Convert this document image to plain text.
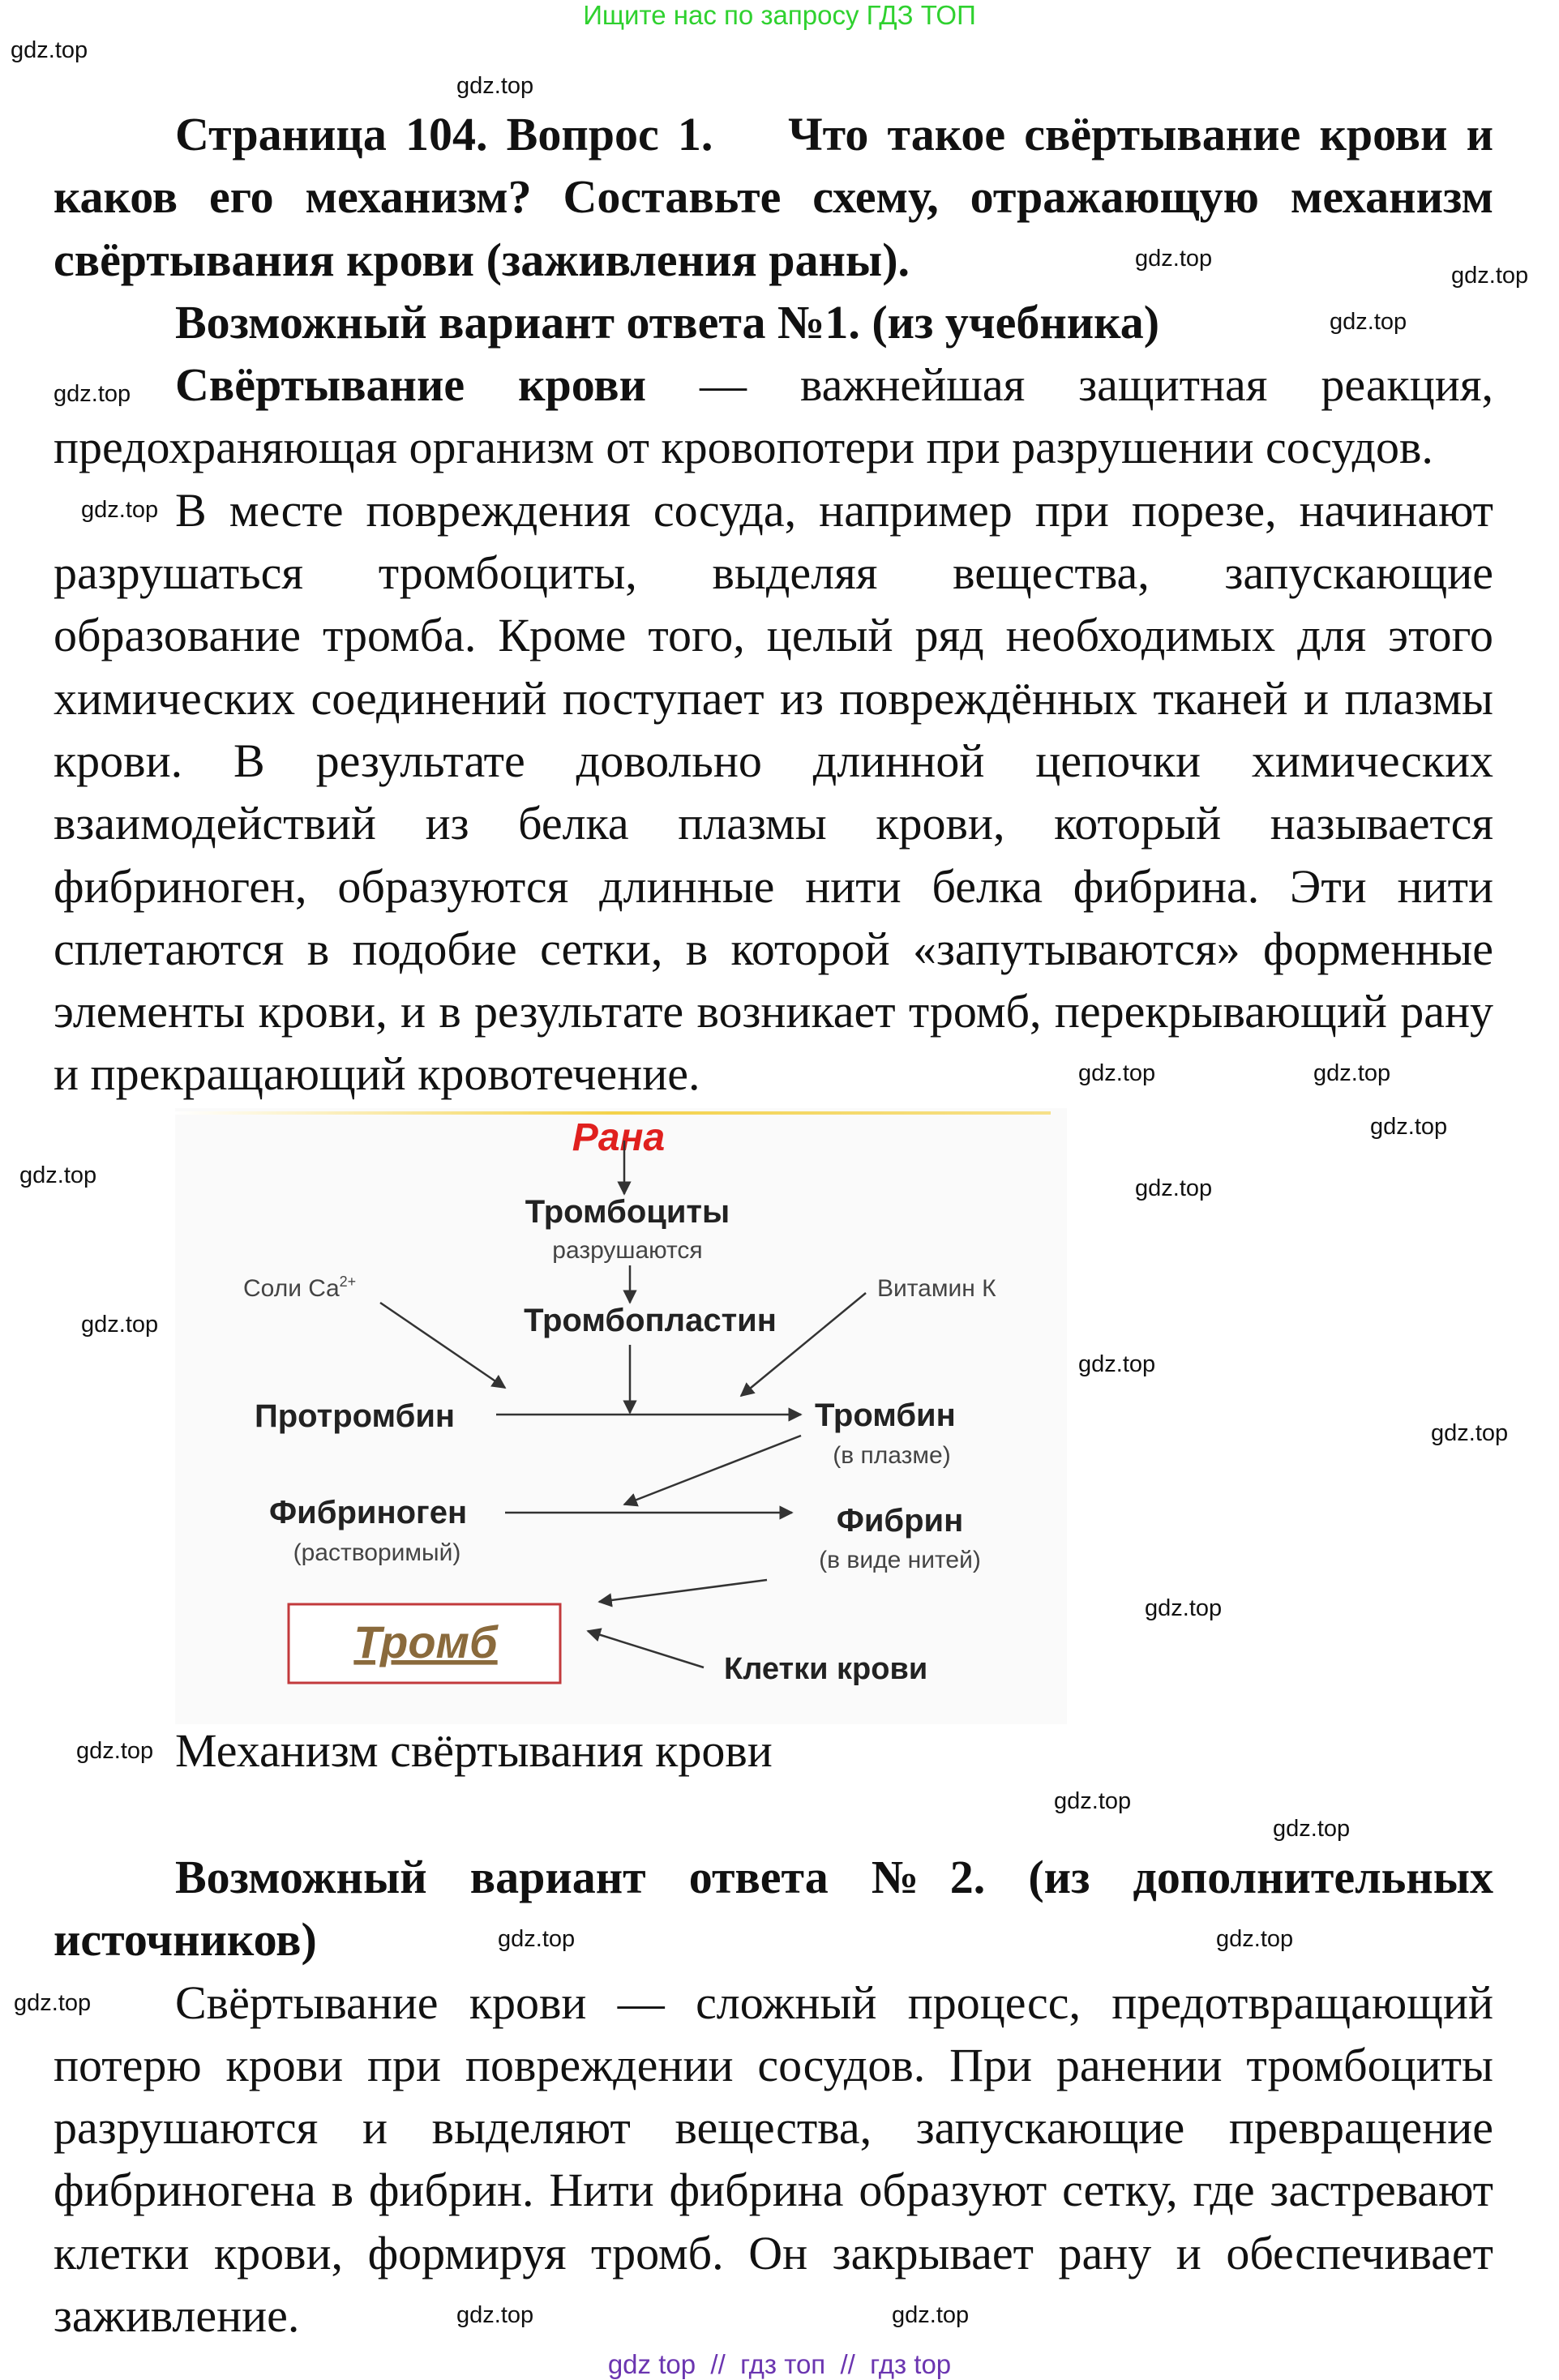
Ищите нас по запросу ГДЗ ТОП

Страница 104. Вопрос 1.    Что такое свёртывание крови и каков его механизм? Составьте схему, отражающую механизм свёртывания крови (заживления раны).

Возможный вариант ответа №1. (из учебника)

Свёртывание крови — важнейшая защитная реакция, предохраняющая организм от кровопотери при разрушении сосудов.

В месте повреждения сосуда, например при порезе, начинают разрушаться тромбоциты, выделяя вещества, запускающие образование тромба. Кроме того, целый ряд необходимых для этого химических соединений поступает из повреждённых тканей и плазмы крови. В результате довольно длинной цепочки химических взаимодействий из белка плазмы крови, который называется фибриноген, образуются длинные нити белка фибрина. Эти нити сплетаются в подобие сетки, в которой «запутываются» форменные элементы крови, и в результате возникает тромб, перекрывающий рану и прекращающий кровотечение.

Рана
Тромбоциты
разрушаются
Тромбопластин
Соли $Ca^{2+}$	Витамин К
Протромбин	Тромбин
(в плазме)
Фибриноген
(растворимый)
Фибрин
(в виде нитей)
Клетки крови
Тромб
Механизм свёртывания крови

Возможный вариант ответа №2. (из дополнительных источников)

Свёртывание крови — сложный процесс, предотвращающий потерю крови при повреждении сосудов. При ранении тромбоциты разрушаются и выделяют вещества, запускающие превращение фибриногена в фибрин. Нити фибрина образуют сетку, где застревают клетки крови, формируя тромб. Он закрывает рану и обеспечивает заживление.

gdz top  //  гдз топ  //  гдз top
gdz.top
gdz.top
gdz.top
gdz.top
gdz.top
gdz.top
gdz.top
gdz.top	gdz.top
gdz.top
gdz.top
gdz.top
gdz.top
gdz.top
gdz.top
gdz.top
gdz.top
gdz.top
gdz.top	gdz.top
gdz.top
gdz.top
gdz.top
gdz.top
